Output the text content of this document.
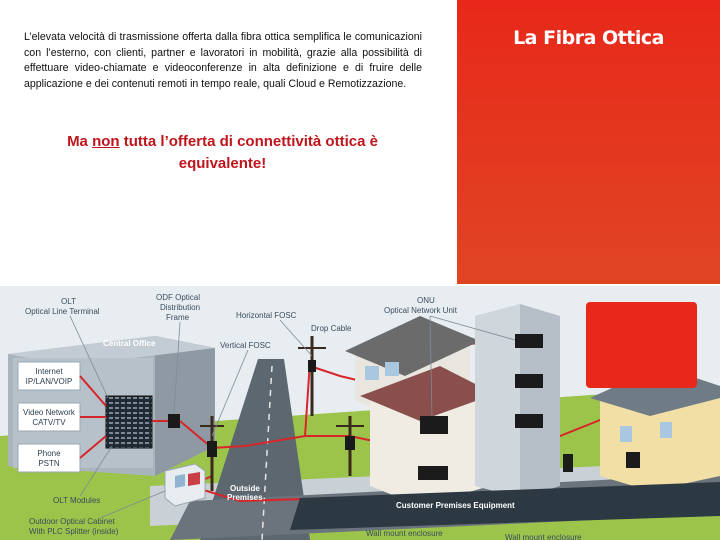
L’elevata velocità di trasmissione offerta dalla fibra ottica semplifica le comunicazioni con l’esterno, con clienti, partner e lavoratori in mobilità, grazie alla possibilità di effettuare video-chiamate e videoconferenze in alta definizione e di fruire delle applicazione e dei contenuti remoti in tempo reale, quali Cloud e Remotizzazione.

Ma non tutta l’offerta di connettività ottica è equivalente!
La Fibra Ottica
Central Office
Internet
IP/LAN/VOIP
Video Network
CATV/TV
Phone
PSTN
Customer Premises Equipment
Outside
Premises
OLT
Optical Line Terminal
ODF Optical
Distribution
Frame	Horizontal FOSC
Drop Cable
ONU
Optical Network Unit
Vertical FOSC
OLT Modules
Outdoor Optical Cabinet
With PLC Splitter (inside)	Wall mount enclosure	Wall mount enclosure
